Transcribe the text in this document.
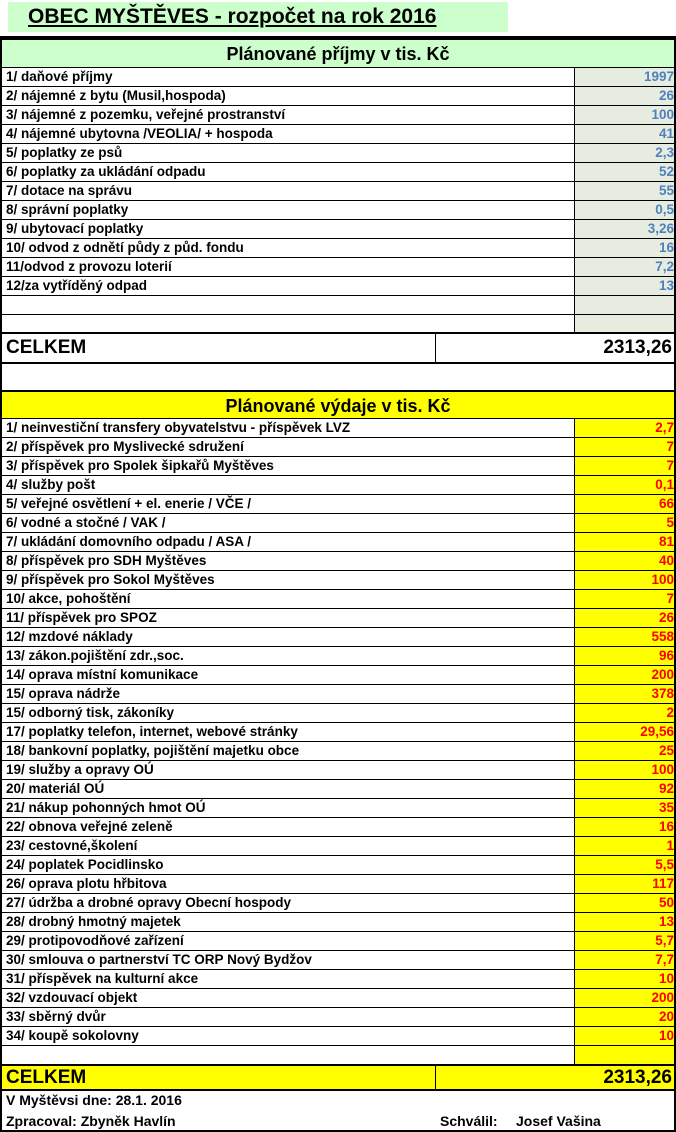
OBEC MYŠTĚVES - rozpočet na rok 2016
Plánované příjmy v tis. Kč
1/ daňové příjmy	1997
2/ nájemné z bytu (Musil,hospoda)	26
3/ nájemné z pozemku, veřejné prostranství	100
4/ nájemné ubytovna /VEOLIA/ + hospoda	41
5/ poplatky ze psů	2,3
6/ poplatky za ukládání odpadu	52
7/ dotace na správu	55
8/ správní poplatky	0,5
9/ ubytovací poplatky	3,26
10/ odvod z odnětí půdy z půd. fondu	16
11/odvod z provozu loterií	7,2
12/za vytříděný odpad	13
CELKEM	2313,26
Plánované výdaje v tis. Kč
1/ neinvestiční transfery obyvatelstvu - příspěvek LVZ	2,7
2/ příspěvek pro Myslivecké sdružení	7
3/ příspěvek pro Spolek šipkařů Myštěves	7
4/ služby pošt	0,1
5/ veřejné osvětlení + el. enerie / VČE /	66
6/ vodné a stočné / VAK /	5
7/ ukládání domovního odpadu / ASA /	81
8/ příspěvek pro SDH Myštěves	40
9/ příspěvek pro Sokol Myštěves	100
10/ akce, pohoštění	7
11/ příspěvek pro SPOZ	26
12/ mzdové náklady	558
13/ zákon.pojištění zdr.,soc.	96
14/ oprava místní komunikace	200
15/ oprava nádrže	378
15/ odborný tisk, zákoníky	2
17/ poplatky telefon, internet, webové stránky	29,56
18/ bankovní poplatky, pojištění majetku obce	25
19/ služby a opravy OÚ	100
20/ materiál OÚ	92
21/ nákup pohonných hmot OÚ	35
22/ obnova veřejné zeleně	16
23/ cestovné,školení	1
24/ poplatek Pocidlinsko	5,5
26/ oprava plotu hřbitova	117
27/ údržba a drobné opravy Obecní hospody	50
28/ drobný hmotný majetek	13
29/ protipovodňové zařízení	5,7
30/ smlouva o partnerství TC ORP Nový Bydžov	7,7
31/ příspěvek na kulturní akce	10
32/ vzdouvací objekt	200
33/ sběrný dvůr	20
34/ koupě sokolovny	10
CELKEM	2313,26
V Myštěvsi dne: 28.1. 2016
Zpracoval: Zbyněk Havlín	Schválil: Josef Vašina
